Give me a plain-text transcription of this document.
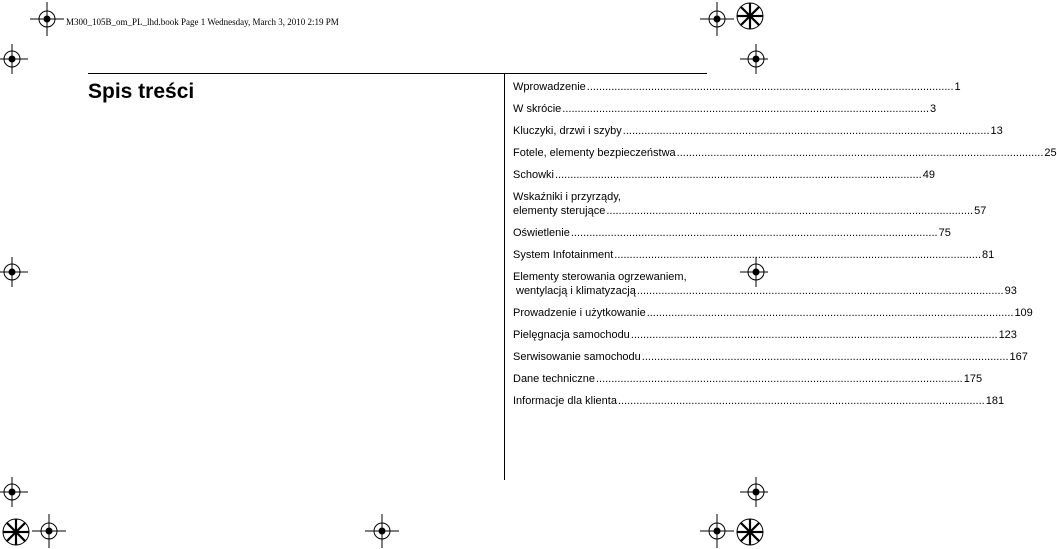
M300_105B_om_PL_lhd.book Page 1 Wednesday, March 3, 2010 2:19 PM
Spis treści	Wprowadzenie ........................................................................................................................ 1
W skrócie ........................................................................................................................ 3
Kluczyki, drzwi i szyby ........................................................................................................................ 13
Fotele, elementy bezpieczeństwa ........................................................................................................................ 25
Schowki ........................................................................................................................ 49
Wskaźniki i przyrządy,
elementy sterujące ........................................................................................................................ 57
Oświetlenie ........................................................................................................................ 75
System Infotainment ........................................................................................................................ 81
Elementy sterowania ogrzewaniem,
wentylacją i klimatyzacją ........................................................................................................................ 93
Prowadzenie i użytkowanie ........................................................................................................................ 109
Pielęgnacja samochodu ........................................................................................................................ 123
Serwisowanie samochodu ........................................................................................................................ 167
Dane techniczne ........................................................................................................................ 175
Informacje dla klienta ........................................................................................................................ 181
